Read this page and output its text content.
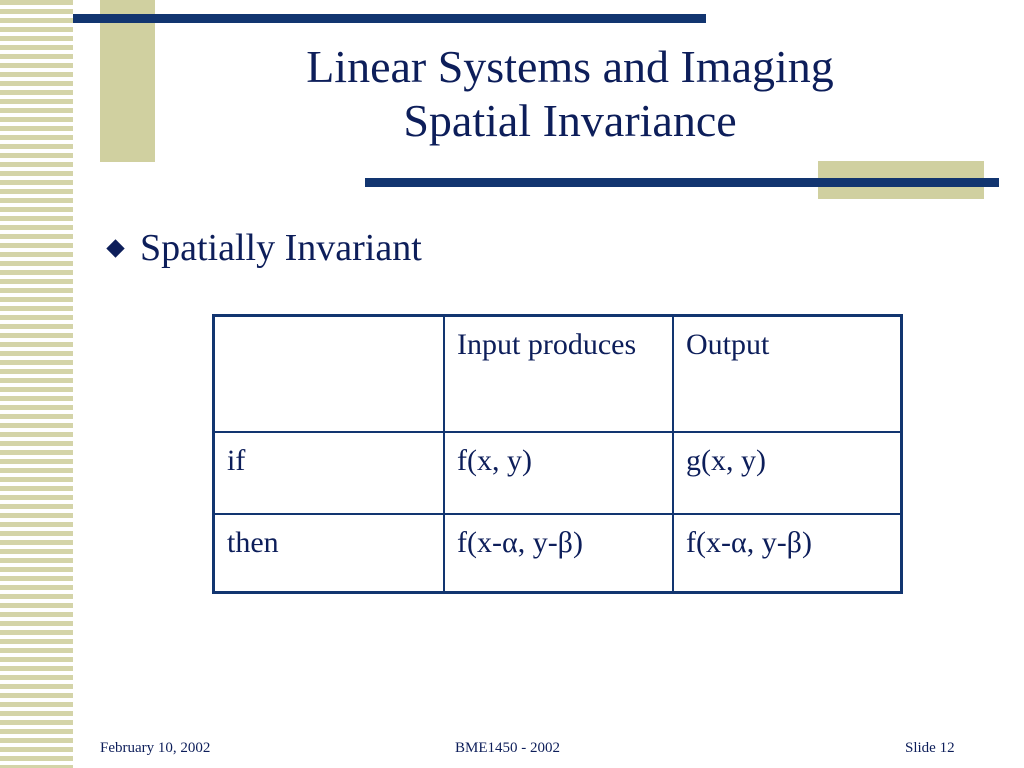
Linear Systems and Imaging
Spatial Invariance
Spatially Invariant
	Input produces	Output
if	f(x, y)	g(x, y)
then	f(x-α, y-β)	f(x-α, y-β)
February 10, 2002	BME1450 - 2002	Slide 12
